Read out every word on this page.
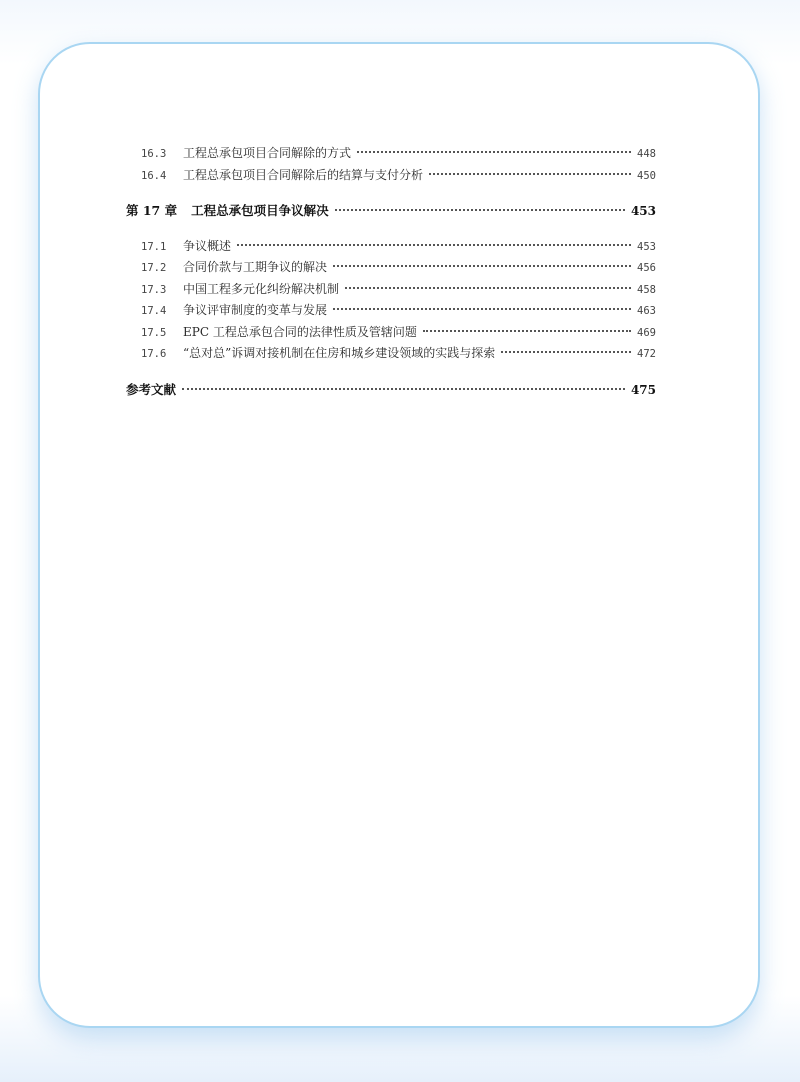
16.3	工程总承包项目合同解除的方式	448
16.4	工程总承包项目合同解除后的结算与支付分析	450
第 17 章 工程总承包项目争议解决	453
17.1	争议概述	453
17.2	合同价款与工期争议的解决	456
17.3	中国工程多元化纠纷解决机制	458
17.4	争议评审制度的变革与发展	463
17.5	EPC 工程总承包合同的法律性质及管辖问题	469
17.6	“总对总”诉调对接机制在住房和城乡建设领域的实践与探索	472
参考文献	475
